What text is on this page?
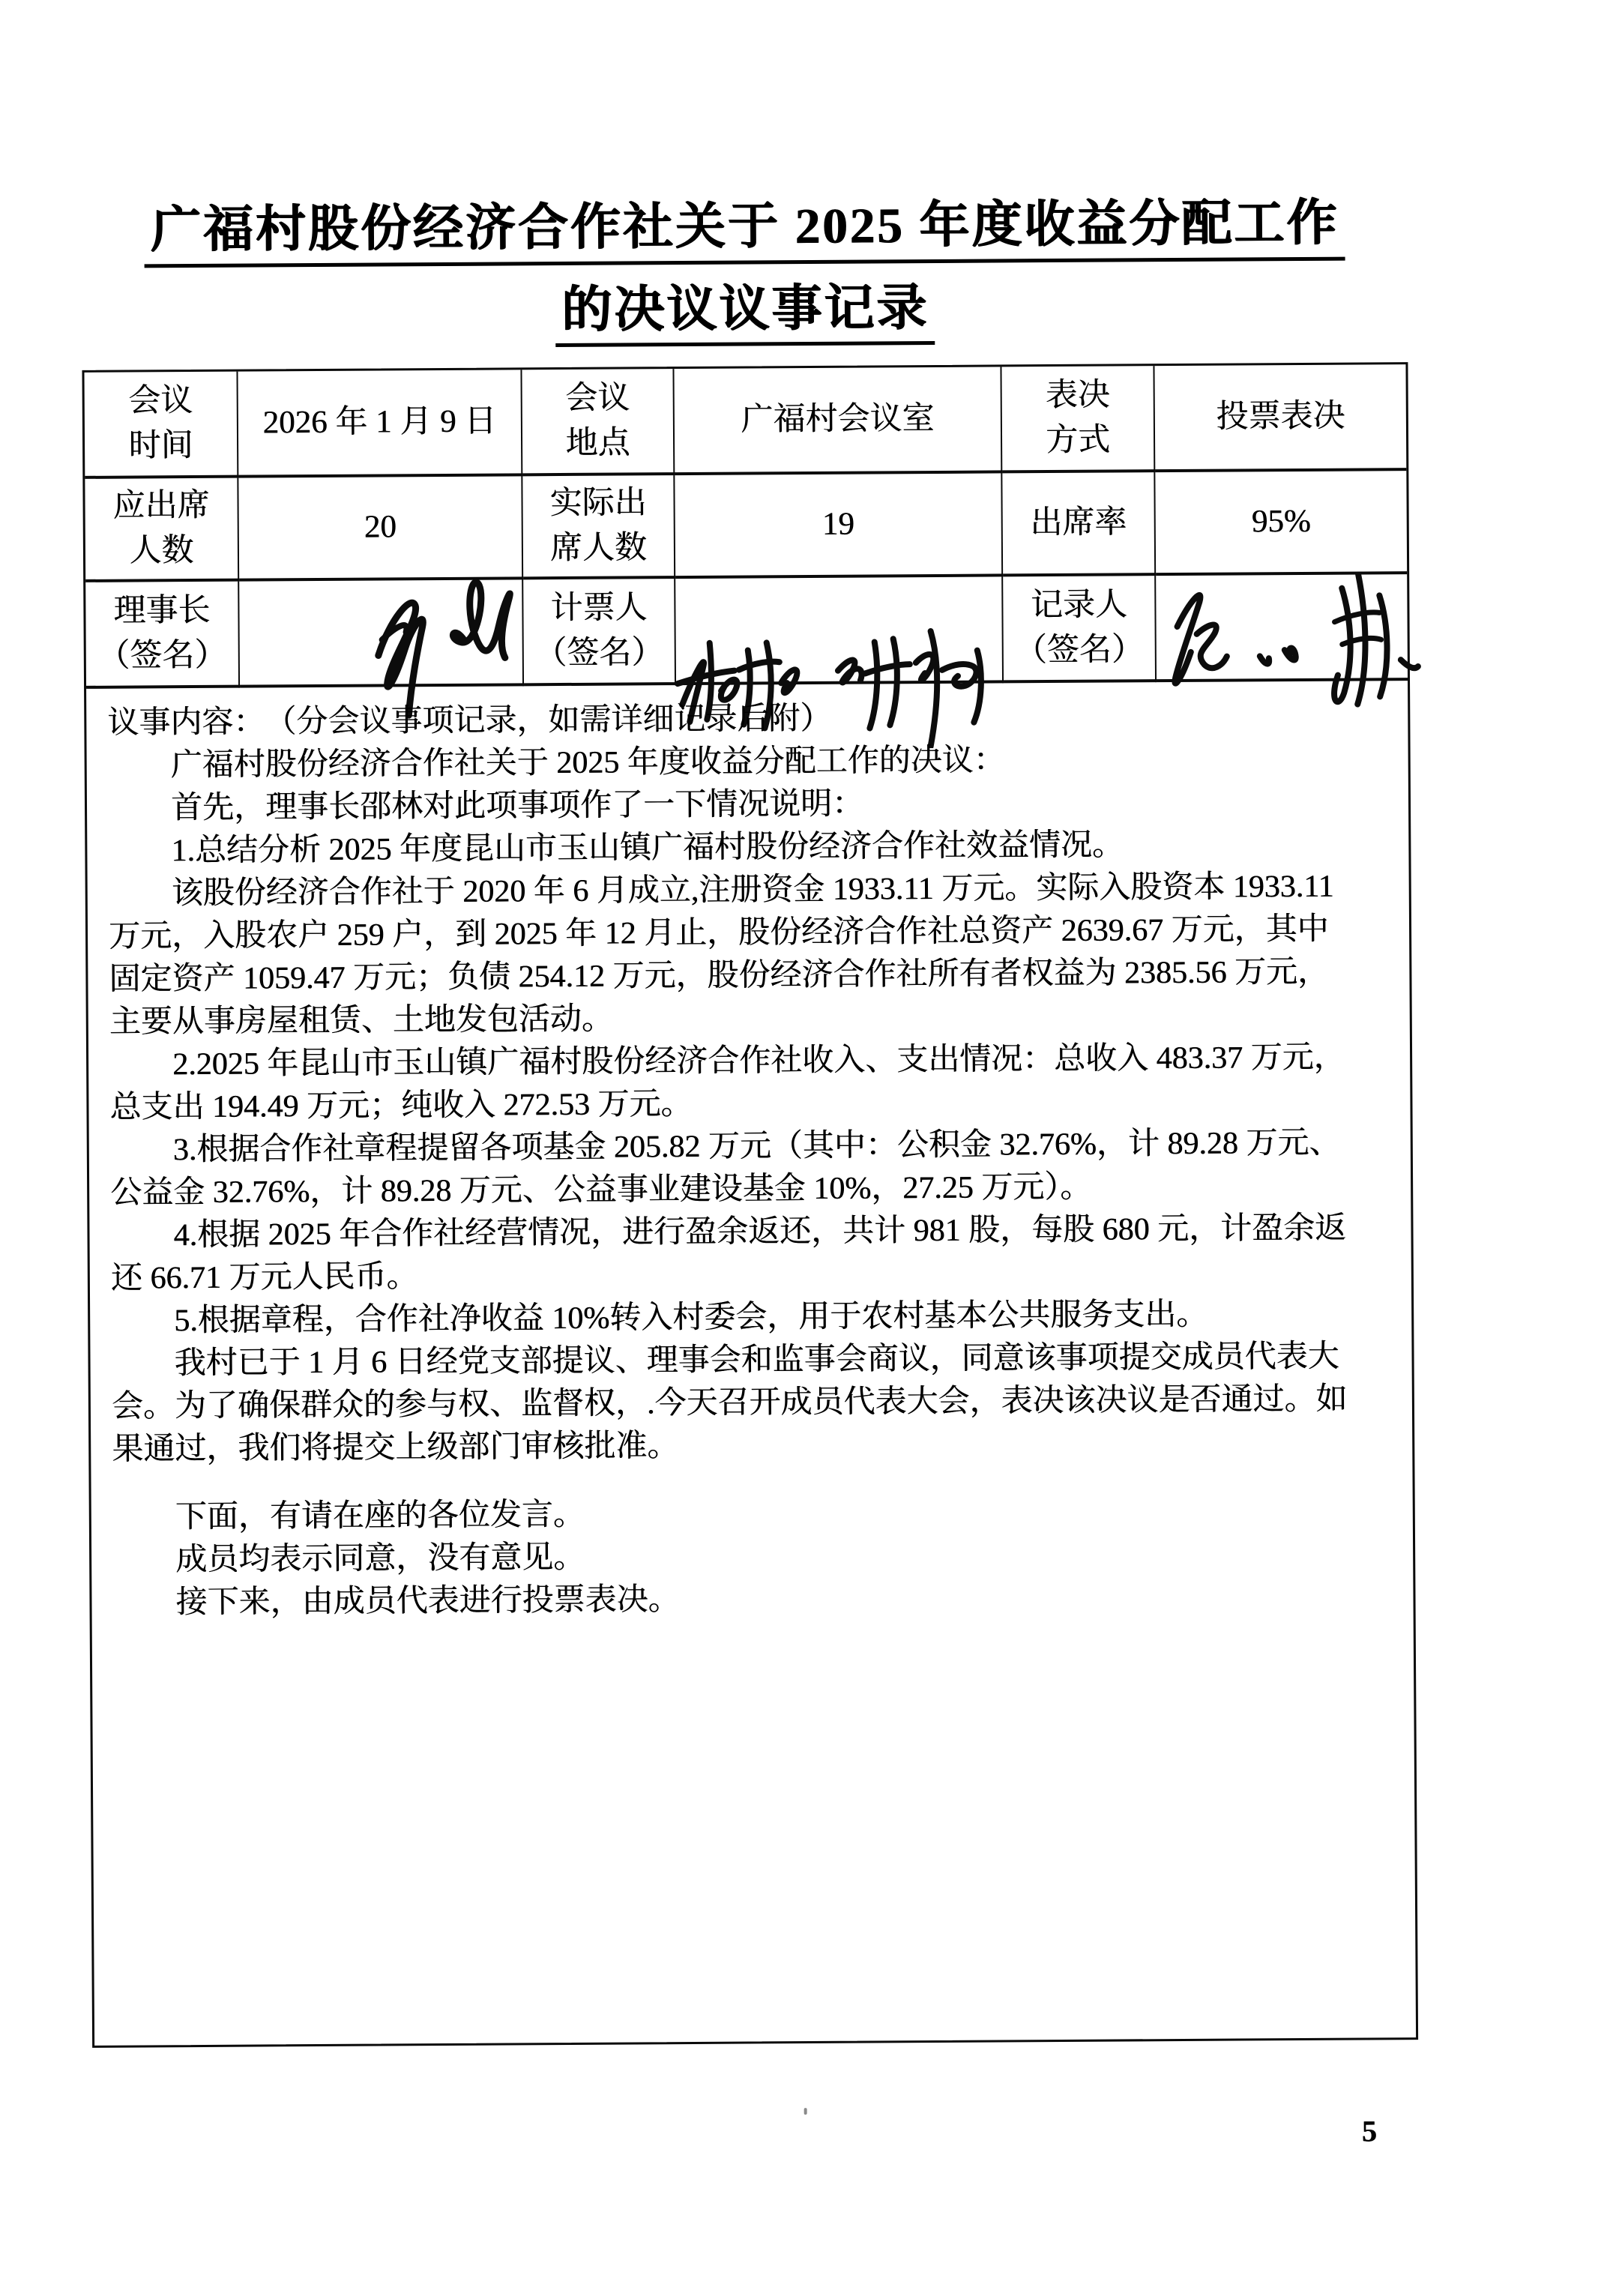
广福村股份经济合作社关于 2025 年度收益分配工作
的决议议事记录
会议
时间
2026 年 1 月 9 日
会议
地点
广福村会议室
表决
方式
投票表决
应出席
人数
20
实际出
席人数
19	出席率	95%
理事长
（签名）
计票人
（签名）
记录人
（签名）
议事内容：　（分会议事项记录，如需详细记录后附）
　　广福村股份经济合作社关于 2025 年度收益分配工作的决议：
　　首先，理事长邵林对此项事项作了一下情况说明：
　　1.总结分析 2025 年度昆山市玉山镇广福村股份经济合作社效益情况。
　　该股份经济合作社于 2020 年 6 月成立,注册资金 1933.11 万元。实际入股资本 1933.11
万元，入股农户 259 户，到 2025 年 12 月止，股份经济合作社总资产 2639.67 万元，其中
固定资产 1059.47 万元；负债 254.12 万元，股份经济合作社所有者权益为 2385.56 万元，
主要从事房屋租赁、土地发包活动。
　　2.2025 年昆山市玉山镇广福村股份经济合作社收入、支出情况：总收入 483.37 万元，
总支出 194.49 万元；纯收入 272.53 万元。
　　3.根据合作社章程提留各项基金 205.82 万元（其中：公积金 32.76%，计 89.28 万元、
公益金 32.76%，计 89.28 万元、公益事业建设基金 10%，27.25 万元）。
　　4.根据 2025 年合作社经营情况，进行盈余返还，共计 981 股，每股 680 元，计盈余返
还 66.71 万元人民币。
　　5.根据章程，合作社净收益 10%转入村委会，用于农村基本公共服务支出。
　　我村已于 1 月 6 日经党支部提议、理事会和监事会商议，同意该事项提交成员代表大
会。为了确保群众的参与权、监督权，.今天召开成员代表大会，表决该决议是否通过。如
果通过，我们将提交上级部门审核批准。
　　下面，有请在座的各位发言。
　　成员均表示同意，没有意见。
　　接下来，由成员代表进行投票表决。
5
